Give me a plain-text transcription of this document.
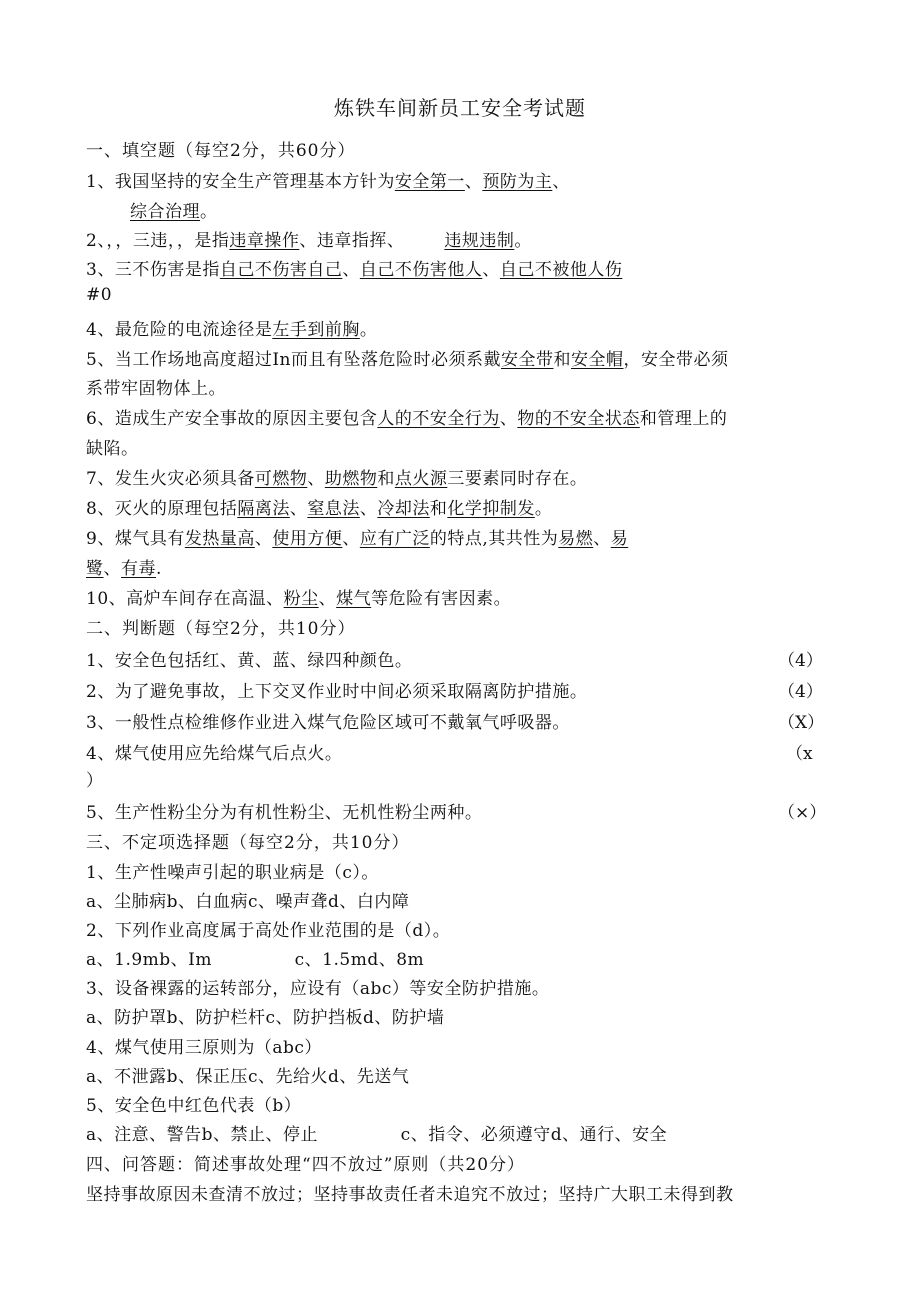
炼铁车间新员工安全考试题
一、填空题（每空2分，共60分）
1、我国坚持的安全生产管理基本方针为安全第一、预防为主、
综合治理。
2、，，三违，，是指违章操作、违章指挥、 违规违制。
3、三不伤害是指自己不伤害自己、自己不伤害他人、自己不被他人伤
#0
4、最危险的电流途径是左手到前胸。
5、当工作场地高度超过In而且有坠落危险时必须系戴安全带和安全帽，安全带必须
系带牢固物体上。
6、造成生产安全事故的原因主要包含人的不安全行为、物的不安全状态和管理上的
缺陷。
7、发生火灾必须具备可燃物、助燃物和点火源三要素同时存在。
8、灭火的原理包括隔离法、窒息法、冷却法和化学抑制发。
9、煤气具有发热量高、使用方便、应有广泛的特点,其共性为易燃、易
鹭、有毒.
10、高炉车间存在高温、粉尘、煤气等危险有害因素。
二、判断题（每空2分，共10分）
1、安全色包括红、黄、蓝、绿四种颜色。	（4）
2、为了避免事故，上下交叉作业时中间必须采取隔离防护措施。	（4）
3、一般性点检维修作业进入煤气危险区域可不戴氧气呼吸器。	（X）
4、煤气使用应先给煤气后点火。	（x
）
5、生产性粉尘分为有机性粉尘、无机性粉尘两种。	（×）
三、不定项选择题（每空2分，共10分）
1、生产性噪声引起的职业病是（c）。
a、尘肺病b、白血病c、噪声聋d、白内障
2、下列作业高度属于高处作业范围的是（d）。
a、1.9mb、Im              c、1.5md、8m
3、设备裸露的运转部分，应设有（abc）等安全防护措施。
a、防护罩b、防护栏杆c、防护挡板d、防护墙
4、煤气使用三原则为（abc）
a、不泄露b、保正压c、先给火d、先送气
5、安全色中红色代表（b）
a、注意、警告b、禁止、停止              c、指令、必须遵守d、通行、安全
四、问答题：简述事故处理“四不放过”原则（共20分）
坚持事故原因未查清不放过；坚持事故责任者未追究不放过；坚持广大职工未得到教
